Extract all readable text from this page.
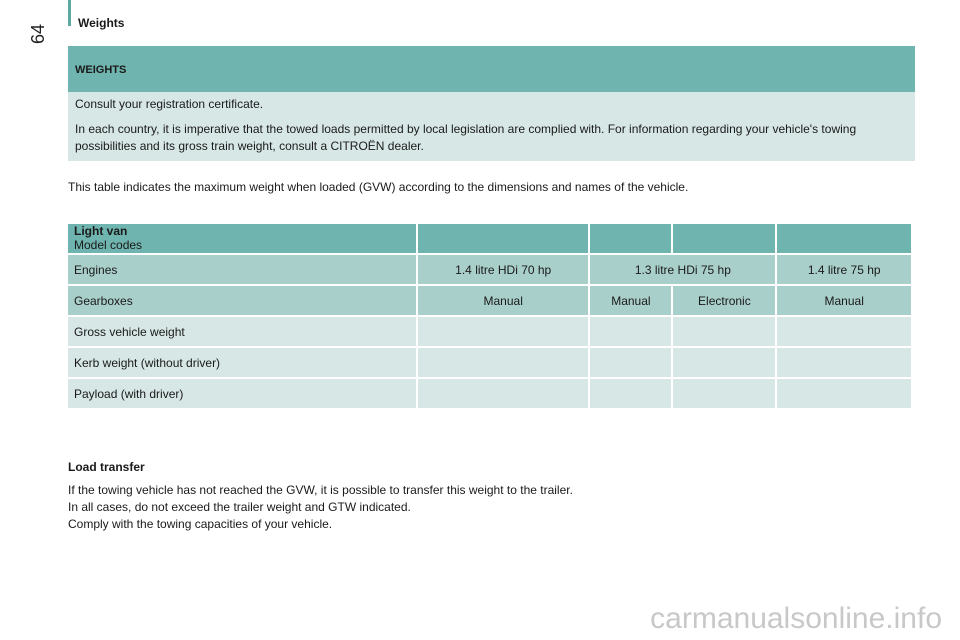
64
Weights
WEIGHTS

Consult your registration certificate.

In each country, it is imperative that the towed loads permitted by local legislation are complied with. For information regarding your vehicle's towing possibilities and its gross train weight, consult a CITROËN dealer.

This table indicates the maximum weight when loaded (GVW) according to the dimensions and names of the vehicle.
Light van
Model codes				

Engines	1.4 litre HDi 70 hp	1.3 litre HDi 75 hp		1.4 litre 75 hp
Gearboxes	Manual	Manual	Electronic	Manual
Gross vehicle weight				
Kerb weight (without driver)				
Payload (with driver)				
Load transfer
If the towing vehicle has not reached the GVW, it is possible to transfer this weight to the trailer.
In all cases, do not exceed the trailer weight and GTW indicated.
Comply with the towing capacities of your vehicle.
carmanualsonline.info
